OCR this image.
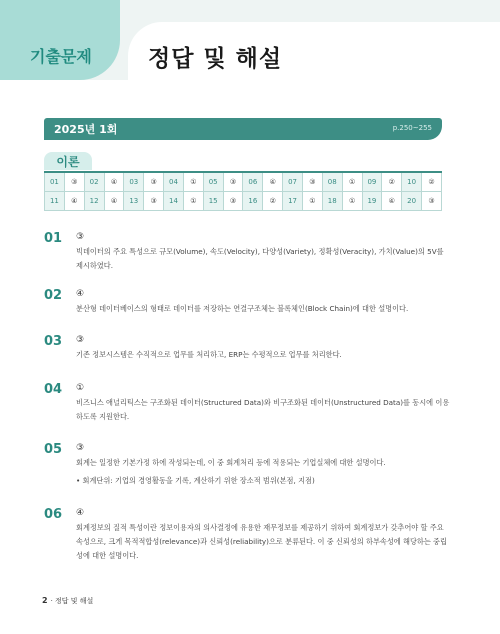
기출문제 정답 및 해설
2025년 1회	p.250~255
이론
01	③	02	④	03	③	04	①	05	③	06	④	07	③	08	①	09	②	10	②
11	④	12	④	13	③	14	①	15	③	16	②	17	①	18	①	19	④	20	③
01 ③
빅데이터의 주요 특성으로 규모(Volume), 속도(Velocity), 다양성(Variety), 정확성(Veracity), 가치(Value)의 5V를
제시하였다.
02 ④
분산형 데이터베이스의 형태로 데이터를 저장하는 연결구조체는 블록체인(Block Chain)에 대한 설명이다.
03 ③
기존 정보시스템은 수직적으로 업무를 처리하고, ERP는 수평적으로 업무를 처리한다.
04 ①
비즈니스 애널리틱스는 구조화된 데이터(Structured Data)와 비구조화된 데이터(Unstructured Data)를 동시에 이용
하도록 지원한다.
05 ③
회계는 일정한 기본가정 하에 작성되는데, 이 중 회계처리 등에 적용되는 기업실체에 대한 설명이다.
• 회계단위: 기업의 경영활동을 기록, 계산하기 위한 장소적 범위(본점, 지점)
06 ④
회계정보의 질적 특성이란 정보이용자의 의사결정에 유용한 재무정보를 제공하기 위하여 회계정보가 갖추어야 할 주요
속성으로, 크게 목적적합성(relevance)과 신뢰성(reliability)으로 분류된다. 이 중 신뢰성의 하부속성에 해당하는 중립
성에 대한 설명이다.
2 · 정답 및 해설
